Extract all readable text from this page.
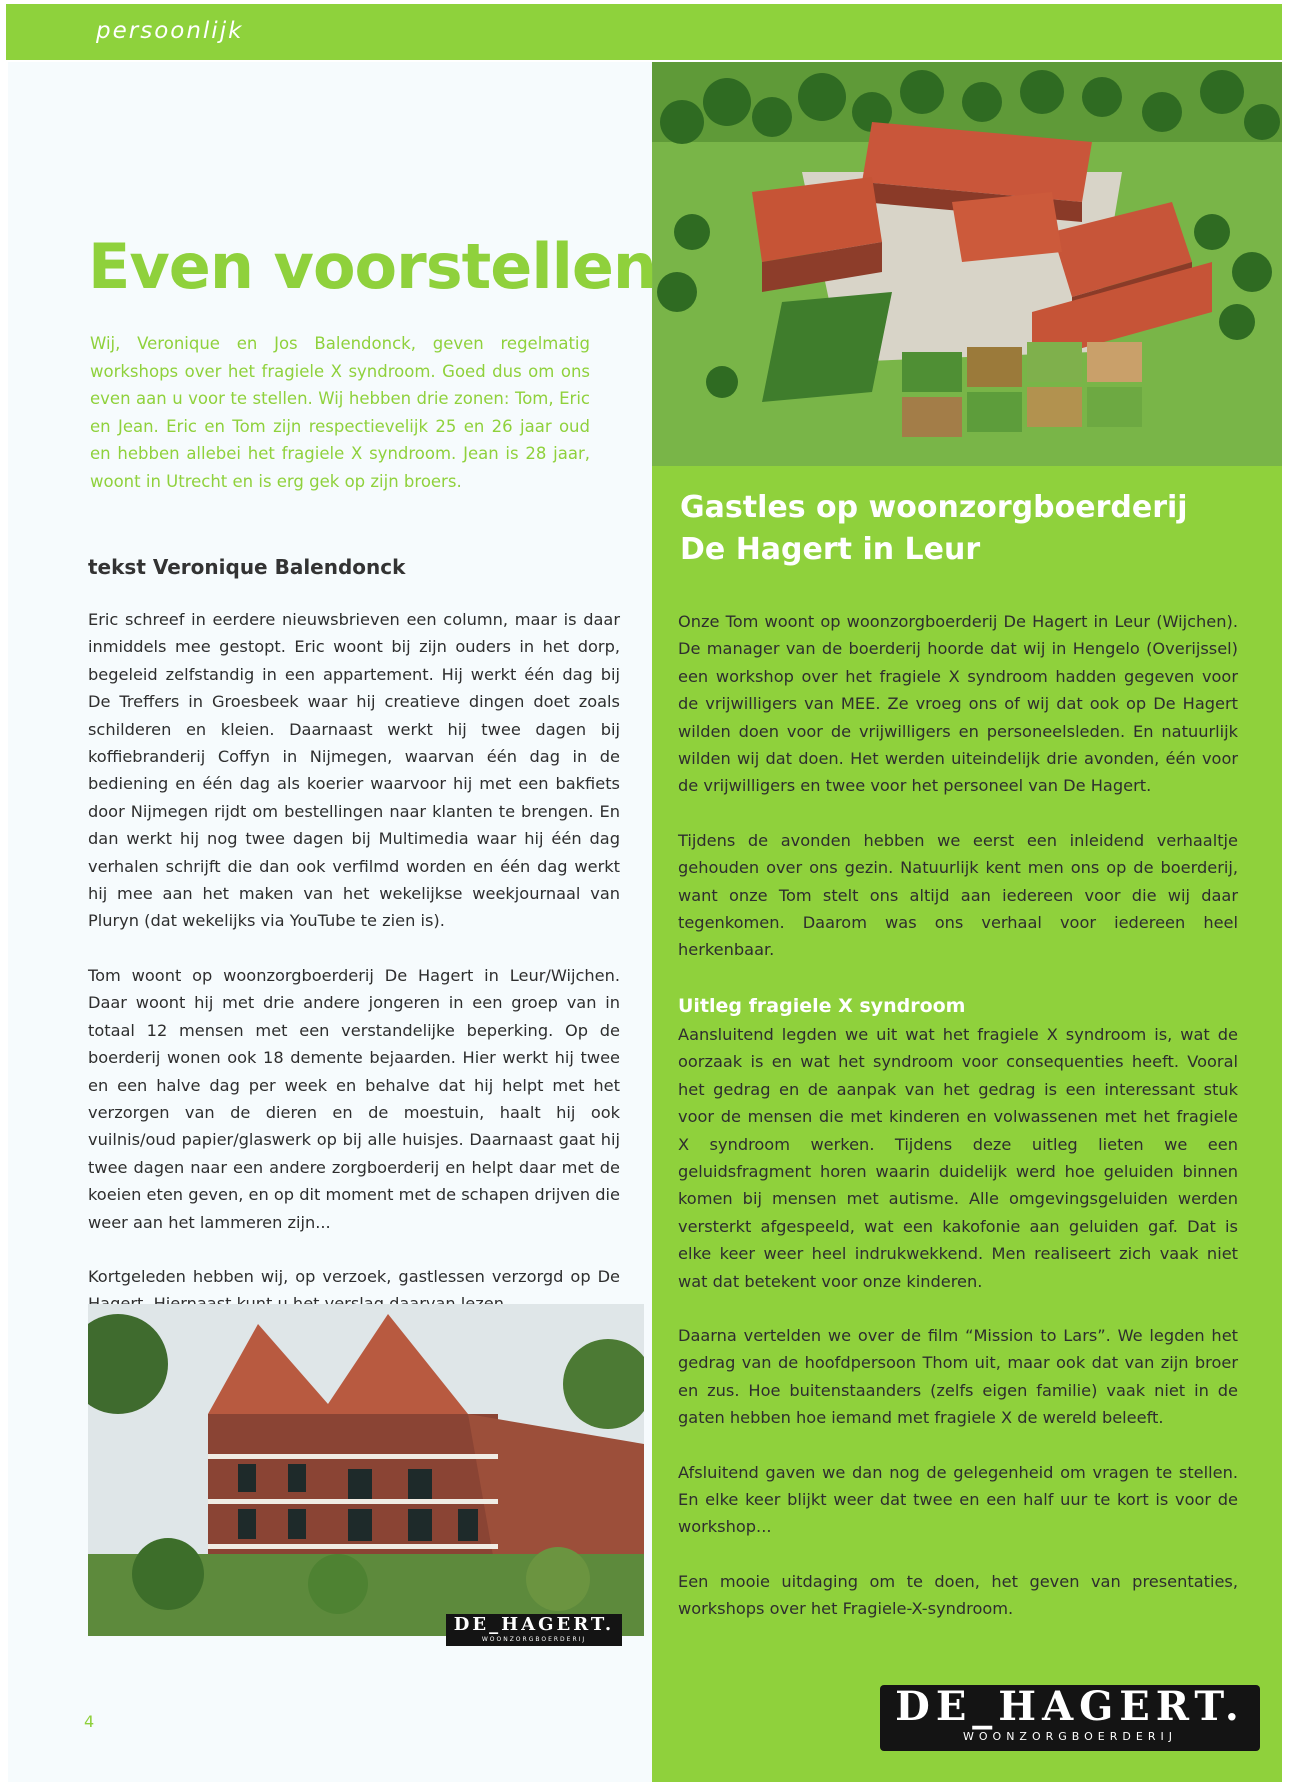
persoonlijk
Even voorstellen
Wij, Veronique en Jos Balendonck, geven regelmatig workshops over het fragiele X syndroom. Goed dus om ons even aan u voor te stellen. Wij hebben drie zonen: Tom, Eric en Jean. Eric en Tom zijn respectievelijk 25 en 26 jaar oud en hebben allebei het fragiele X syndroom. Jean is 28 jaar, woont in Utrecht en is erg gek op zijn broers.
tekst Veronique Balendonck

Eric schreef in eerdere nieuwsbrieven een column, maar is daar inmiddels mee gestopt. Eric woont bij zijn ouders in het dorp, begeleid zelfstandig in een appartement. Hij werkt één dag bij De Treffers in Groesbeek waar hij creatieve dingen doet zoals schilderen en kleien. Daarnaast werkt hij twee dagen bij koffiebranderij Coffyn in Nijmegen, waarvan één dag in de bediening en één dag als koerier waarvoor hij met een bakfiets door Nijmegen rijdt om bestellingen naar klanten te brengen. En dan werkt hij nog twee dagen bij Multimedia waar hij één dag verhalen schrijft die dan ook verfilmd worden en één dag werkt hij mee aan het maken van het wekelijkse weekjournaal van Pluryn (dat wekelijks via YouTube te zien is).

Tom woont op woonzorgboerderij De Hagert in Leur/Wijchen. Daar woont hij met drie andere jongeren in een groep van in totaal 12 mensen met een verstandelijke beperking. Op de boerderij wonen ook 18 demente bejaarden. Hier werkt hij twee en een halve dag per week en behalve dat hij helpt met het verzorgen van de dieren en de moestuin, haalt hij ook vuilnis/oud papier/glaswerk op bij alle huisjes. Daarnaast gaat hij twee dagen naar een andere zorgboerderij en helpt daar met de koeien eten geven, en op dit moment met de schapen drijven die weer aan het lammeren zijn...

Kortgeleden hebben wij, op verzoek, gastlessen verzorgd op De

Gastles op woonzorgboerderij De Hagert in Leur

Onze Tom woont op woonzorgboerderij De Hagert in Leur (Wijchen). De manager van de boerderij hoorde dat wij in Hengelo (Overijssel) een workshop over het fragiele X syndroom hadden gegeven voor de vrijwilligers van MEE. Ze vroeg ons of wij dat ook op De Hagert wilden doen voor de vrijwilligers en personeelsleden. En natuurlijk wilden wij dat doen. Het werden uiteindelijk drie avonden, één voor de vrijwilligers en twee voor het personeel van De Hagert.

Tijdens de avonden hebben we eerst een inleidend verhaaltje gehouden over ons gezin. Natuurlijk kent men ons op de boerderij, want onze Tom stelt ons altijd aan iedereen voor die wij daar tegenkomen. Daarom was ons verhaal voor iedereen heel herkenbaar.

Uitleg fragiele X syndroom

Aansluitend legden we uit wat het fragiele X syndroom is, wat de oorzaak is en wat het syndroom voor consequenties heeft. Vooral het gedrag en de aanpak van het gedrag is een interessant stuk voor de mensen die met kinderen en volwassenen met het fragiele X syndroom werken. Tijdens deze uitleg lieten we een geluidsfragment horen waarin duidelijk werd hoe geluiden binnen komen bij mensen met autisme. Alle omgevingsgeluiden werden versterkt afgespeeld, wat een kakofonie aan geluiden gaf. Dat is elke keer weer heel indrukwekkend. Men realiseert zich vaak niet wat dat betekent voor onze kinderen.

Daarna vertelden we over de film “Mission to Lars”. We legden het gedrag van de hoofdpersoon Thom uit, maar ook dat van zijn broer en zus. Hoe buitenstaanders (zelfs eigen familie) vaak niet in de gaten hebben hoe iemand met fragiele X de wereld beleeft.

Afsluitend gaven we dan nog de gelegenheid om vragen te stellen. En elke keer blijkt weer dat twee en een half uur te kort is voor de workshop...

Een mooie uitdaging om te doen, het geven van presentaties, workshops over het Fragiele-X-syndroom.

DE_HAGERT.
WOONZORGBOERDERIJ
4	DE_HAGERT.
WOONZORGBOERDERIJ
